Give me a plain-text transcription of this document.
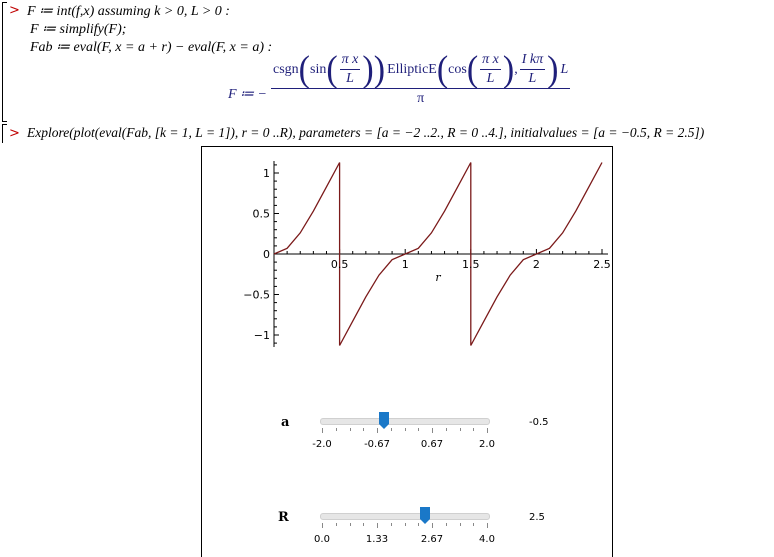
> F ≔ int(f,x) assuming k > 0, L > 0 :
F ≔ simplify(F);
Fab ≔ eval(F, x = a + r) − eval(F, x = a) :
F ≔ −
csgn ( sin ( $\frac{\text{π x}}{L}$ ) ) EllipticE ( cos ( $\frac{\text{π x}}{L}$ ) , $\frac{\text{I kπ}}{L}$ ) L
π
> Explore(plot(eval(Fab, [k = 1, L = 1]), r = 0 ..R), parameters = [a = −2 ..2., R = 0 ..4.], initialvalues = [a = −0.5, R = 2.5])
0.5	1	1.5	2	2.5
r
1
0.5
0
−0.5
−1
a
-2.0	-0.67	0.67	2.0
-0.5
R
0.0	1.33	2.67	4.0
2.5
